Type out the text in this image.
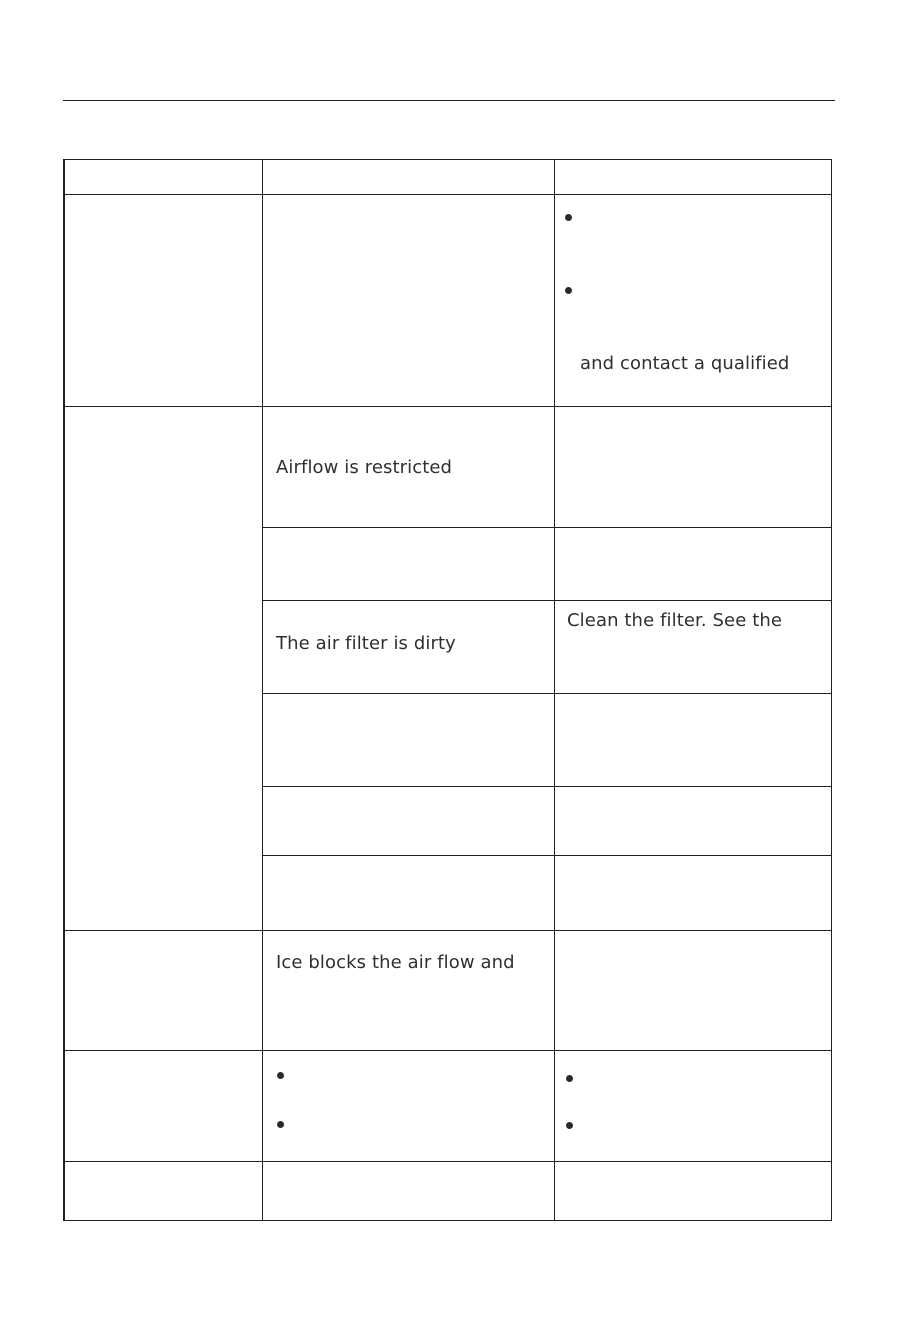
and contact a qualified
Airflow is restricted
The air filter is dirty
Clean the filter. See the
Ice blocks the air flow and
